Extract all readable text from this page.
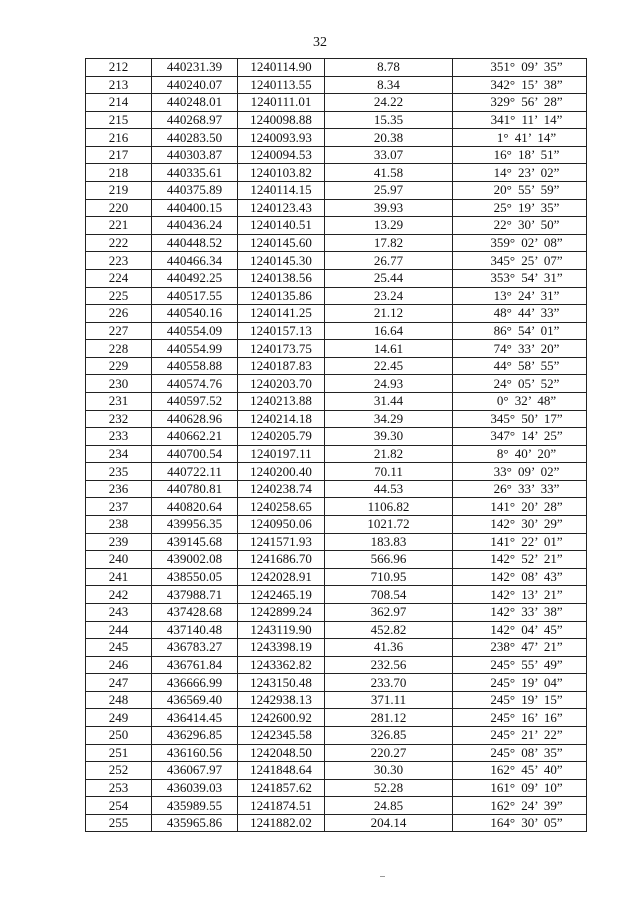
32
212	440231.39	1240114.90	8.78	351° 09’ 35”
213	440240.07	1240113.55	8.34	342° 15’ 38”
214	440248.01	1240111.01	24.22	329° 56’ 28”
215	440268.97	1240098.88	15.35	341° 11’ 14”
216	440283.50	1240093.93	20.38	1° 41’ 14”
217	440303.87	1240094.53	33.07	16° 18’ 51”
218	440335.61	1240103.82	41.58	14° 23’ 02”
219	440375.89	1240114.15	25.97	20° 55’ 59”
220	440400.15	1240123.43	39.93	25° 19’ 35”
221	440436.24	1240140.51	13.29	22° 30’ 50”
222	440448.52	1240145.60	17.82	359° 02’ 08”
223	440466.34	1240145.30	26.77	345° 25’ 07”
224	440492.25	1240138.56	25.44	353° 54’ 31”
225	440517.55	1240135.86	23.24	13° 24’ 31”
226	440540.16	1240141.25	21.12	48° 44’ 33”
227	440554.09	1240157.13	16.64	86° 54’ 01”
228	440554.99	1240173.75	14.61	74° 33’ 20”
229	440558.88	1240187.83	22.45	44° 58’ 55”
230	440574.76	1240203.70	24.93	24° 05’ 52”
231	440597.52	1240213.88	31.44	0° 32’ 48”
232	440628.96	1240214.18	34.29	345° 50’ 17”
233	440662.21	1240205.79	39.30	347° 14’ 25”
234	440700.54	1240197.11	21.82	8° 40’ 20”
235	440722.11	1240200.40	70.11	33° 09’ 02”
236	440780.81	1240238.74	44.53	26° 33’ 33”
237	440820.64	1240258.65	1106.82	141° 20’ 28”
238	439956.35	1240950.06	1021.72	142° 30’ 29”
239	439145.68	1241571.93	183.83	141° 22’ 01”
240	439002.08	1241686.70	566.96	142° 52’ 21”
241	438550.05	1242028.91	710.95	142° 08’ 43”
242	437988.71	1242465.19	708.54	142° 13’ 21”
243	437428.68	1242899.24	362.97	142° 33’ 38”
244	437140.48	1243119.90	452.82	142° 04’ 45”
245	436783.27	1243398.19	41.36	238° 47’ 21”
246	436761.84	1243362.82	232.56	245° 55’ 49”
247	436666.99	1243150.48	233.70	245° 19’ 04”
248	436569.40	1242938.13	371.11	245° 19’ 15”
249	436414.45	1242600.92	281.12	245° 16’ 16”
250	436296.85	1242345.58	326.85	245° 21’ 22”
251	436160.56	1242048.50	220.27	245° 08’ 35”
252	436067.97	1241848.64	30.30	162° 45’ 40”
253	436039.03	1241857.62	52.28	161° 09’ 10”
254	435989.55	1241874.51	24.85	162° 24’ 39”
255	435965.86	1241882.02	204.14	164° 30’ 05”
